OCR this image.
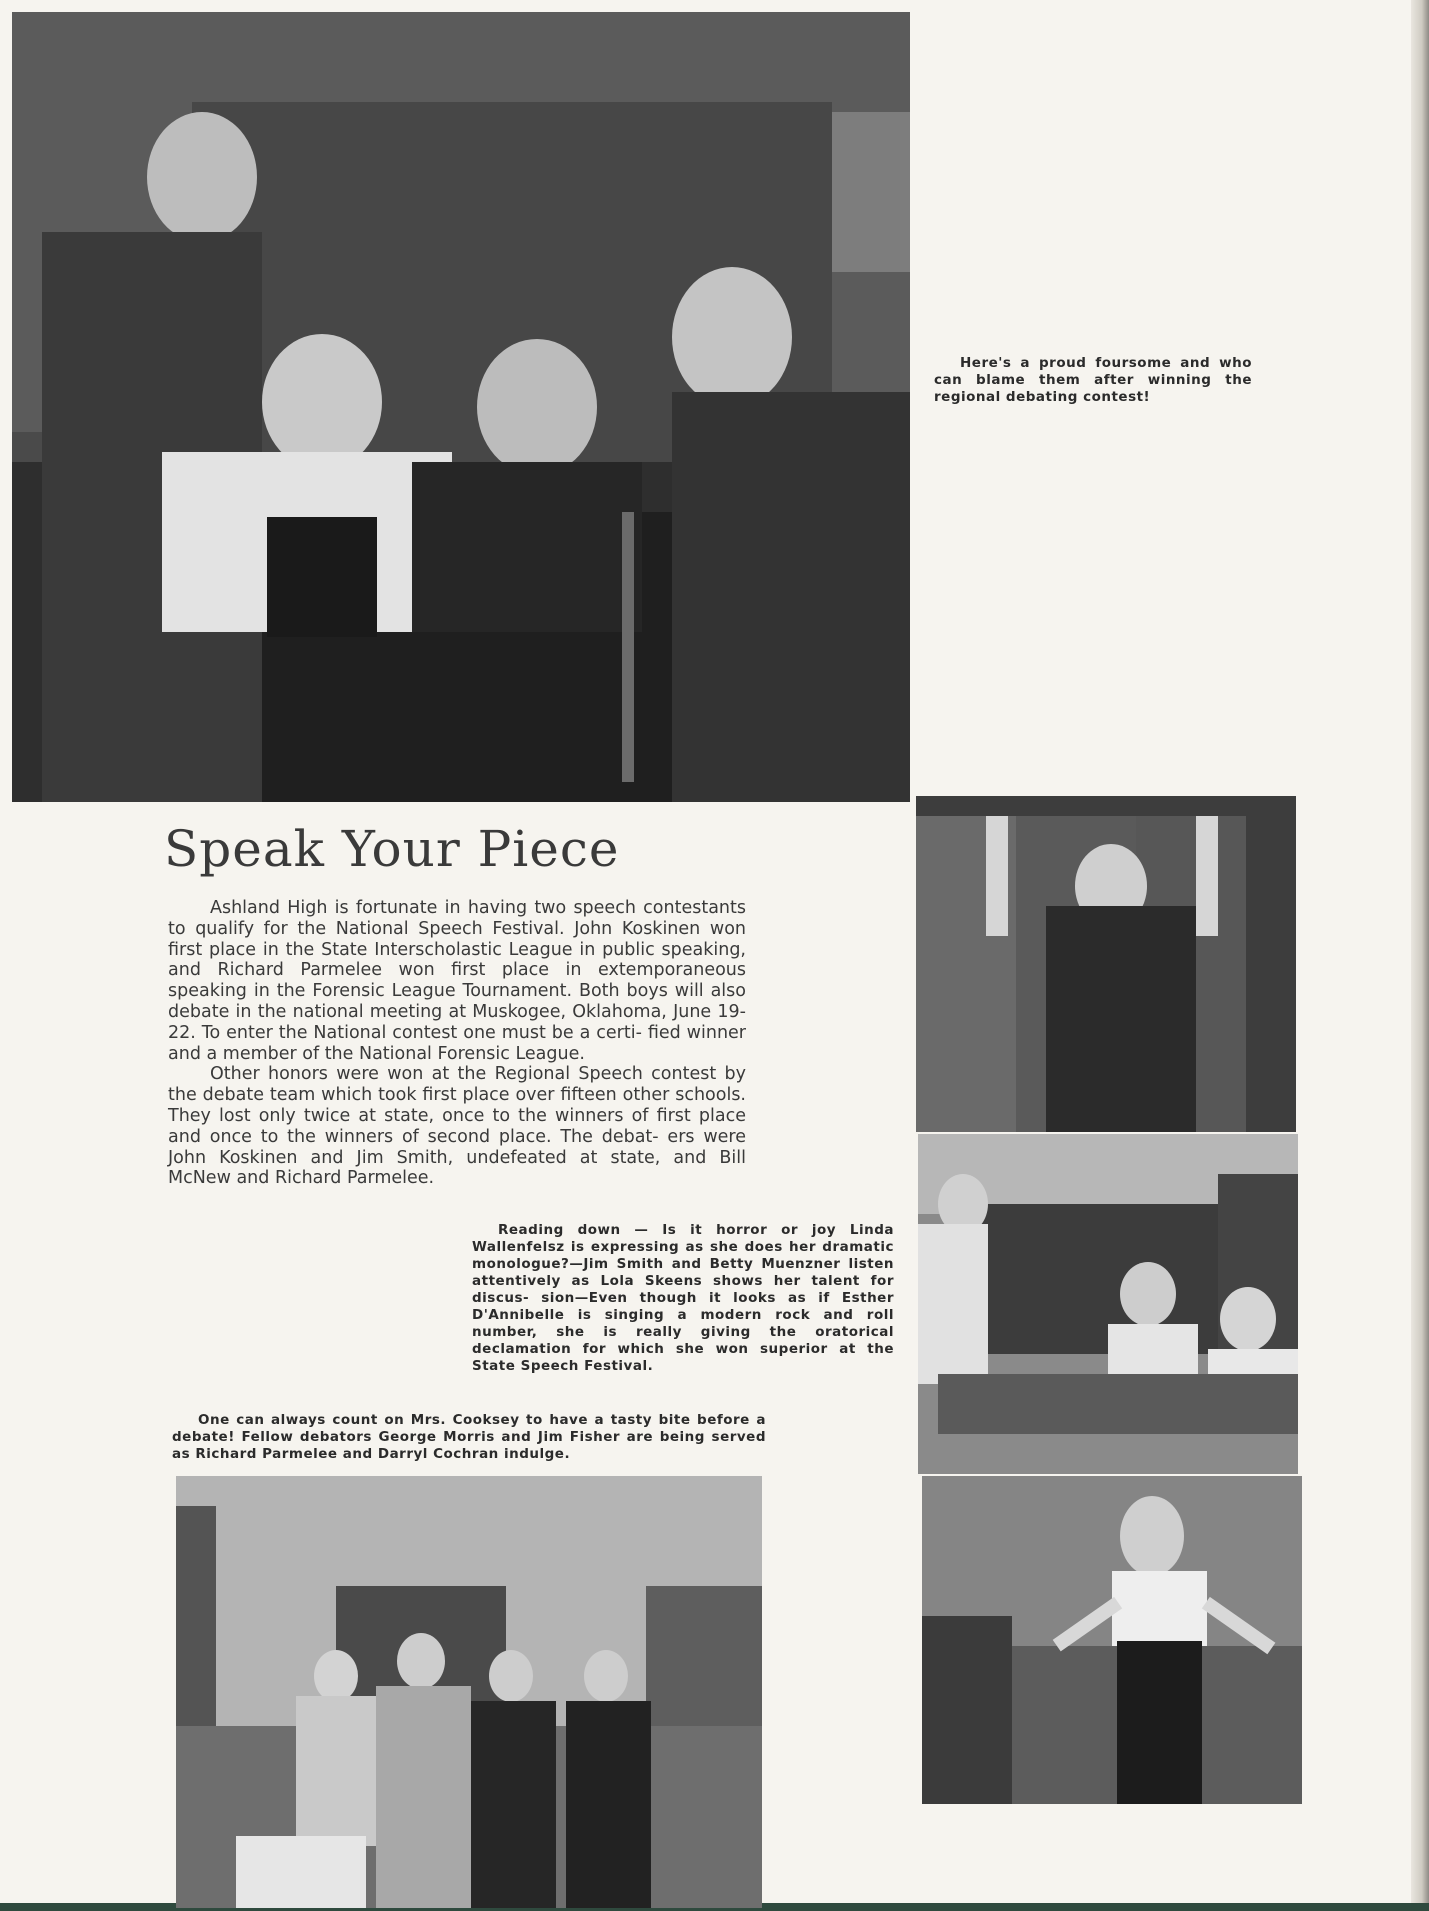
Here's a proud foursome and who can blame them after winning the regional debating contest!

Speak Your Piece

Ashland High is fortunate in having two speech contestants to qualify for the National Speech Festival. John Koskinen won first place in the State Interscholastic League in public speaking, and Richard Parmelee won first place in extemporaneous speaking in the Forensic League Tournament. Both boys will also debate in the national meeting at Muskogee, Oklahoma, June 19-22. To enter the National contest one must be a certi- fied winner and a member of the National Forensic League.

Other honors were won at the Regional Speech contest by the debate team which took first place over fifteen other schools. They lost only twice at state, once to the winners of first place and once to the winners of second place. The debat- ers were John Koskinen and Jim Smith, undefeated at state, and Bill McNew and Richard Parmelee.

Reading down — Is it horror or joy Linda Wallenfelsz is expressing as she does her dramatic monologue?—Jim Smith and Betty Muenzner listen attentively as Lola Skeens shows her talent for discus- sion—Even though it looks as if Esther D'Annibelle is singing a modern rock and roll number, she is really giving the oratorical declamation for which she won superior at the State Speech Festival.

One can always count on Mrs. Cooksey to have a tasty bite before a debate! Fellow debators George Morris and Jim Fisher are being served as Richard Parmelee and Darryl Cochran indulge.
